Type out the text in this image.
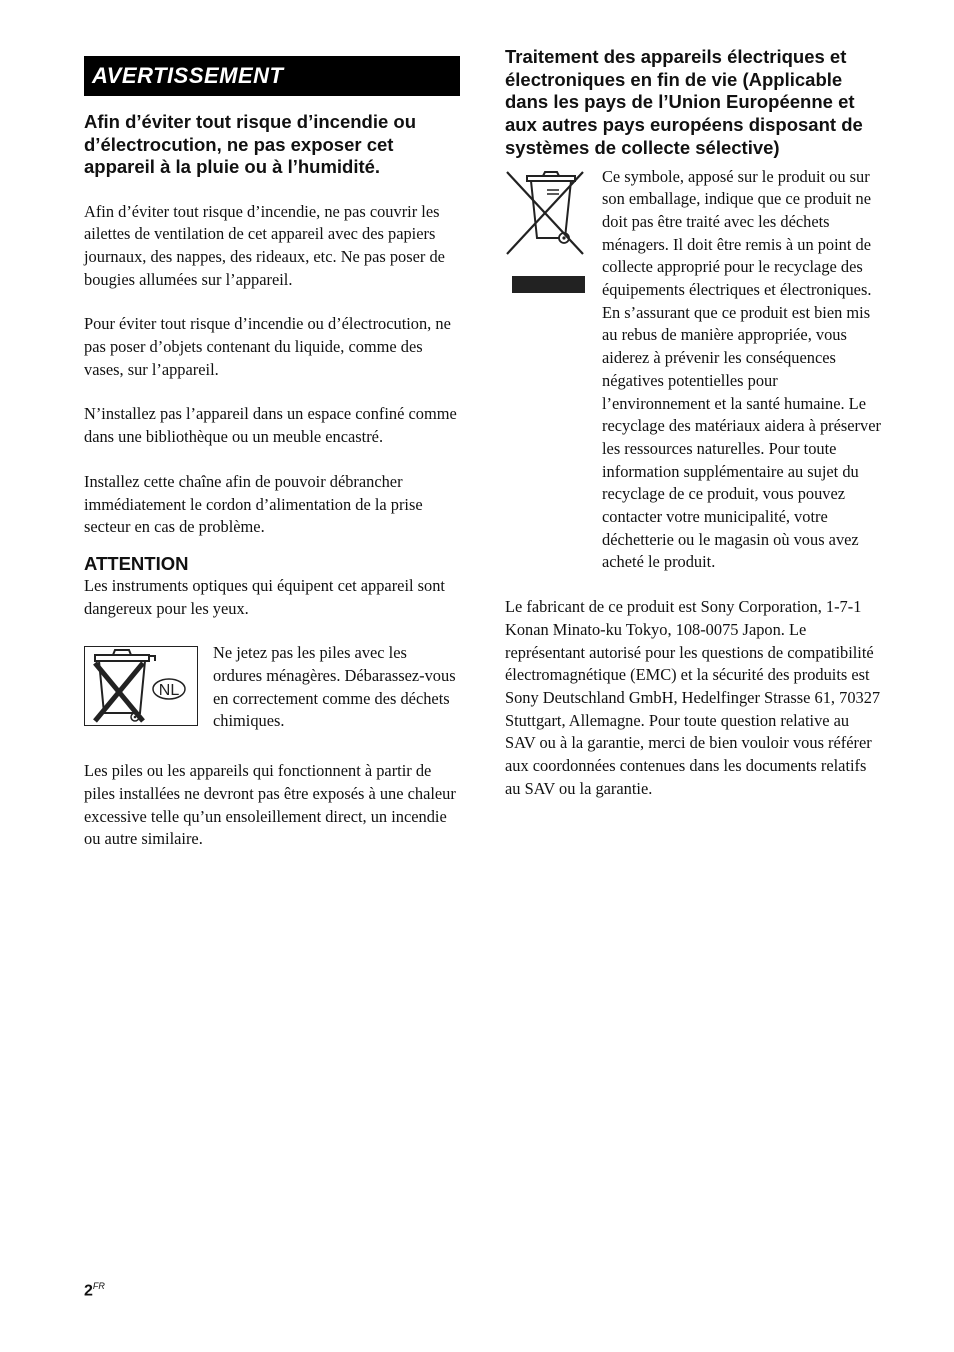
AVERTISSEMENT
Afin d’éviter tout risque d’incendie ou d’électrocution, ne pas exposer cet appareil à la pluie ou à l’humidité.

Afin d’éviter tout risque d’incendie, ne pas couvrir les ailettes de ventilation de cet appareil avec des papiers journaux, des nappes, des rideaux, etc. Ne pas poser de bougies allumées sur l’appareil.

Pour éviter tout risque d’incendie ou d’électrocution, ne pas poser d’objets contenant du liquide, comme des vases, sur l’appareil.

N’installez pas l’appareil dans un espace confiné comme dans une bibliothèque ou un meuble encastré.

Installez cette chaîne afin de pouvoir débrancher immédiatement le cordon d’alimentation de la prise secteur en cas de problème.

ATTENTION

Les instruments optiques qui équipent cet appareil sont dangereux pour les yeux.

NL

Ne jetez pas les piles avec les ordures ménagères. Débarassez-vous en correctement comme des déchets chimiques.

Les piles ou les appareils qui fonctionnent à partir de piles installées ne devront pas être exposés à une chaleur excessive telle qu’un ensoleillement direct, un incendie ou autre similaire.

Traitement des appareils électriques et électroniques en fin de vie (Applicable dans les pays de l’Union Européenne et aux autres pays européens disposant de systèmes de collecte sélective)

Ce symbole, apposé sur le produit ou sur son emballage, indique que ce produit ne doit pas être traité avec les déchets ménagers. Il doit être remis à un point de collecte approprié pour le recyclage des équipements électriques et électroniques. En s’assurant que ce produit est bien mis au rebus de manière appropriée, vous aiderez à prévenir les conséquences négatives potentielles pour l’environnement et la santé humaine. Le recyclage des matériaux aidera à préserver les ressources naturelles. Pour toute information supplémentaire au sujet du recyclage de ce produit, vous pouvez contacter votre municipalité, votre déchetterie ou le magasin où vous avez acheté le produit.

Le fabricant de ce produit est Sony Corporation, 1-7-1 Konan Minato-ku Tokyo, 108-0075 Japon. Le représentant autorisé pour les questions de compatibilité électromagnétique (EMC) et la sécurité des produits est Sony Deutschland GmbH, Hedelfinger Strasse 61, 70327 Stuttgart, Allemagne. Pour toute question relative au SAV ou à la garantie, merci de bien vouloir vous référer aux coordonnées contenues dans les documents relatifs au SAV ou la garantie.

$2^{FR}$
